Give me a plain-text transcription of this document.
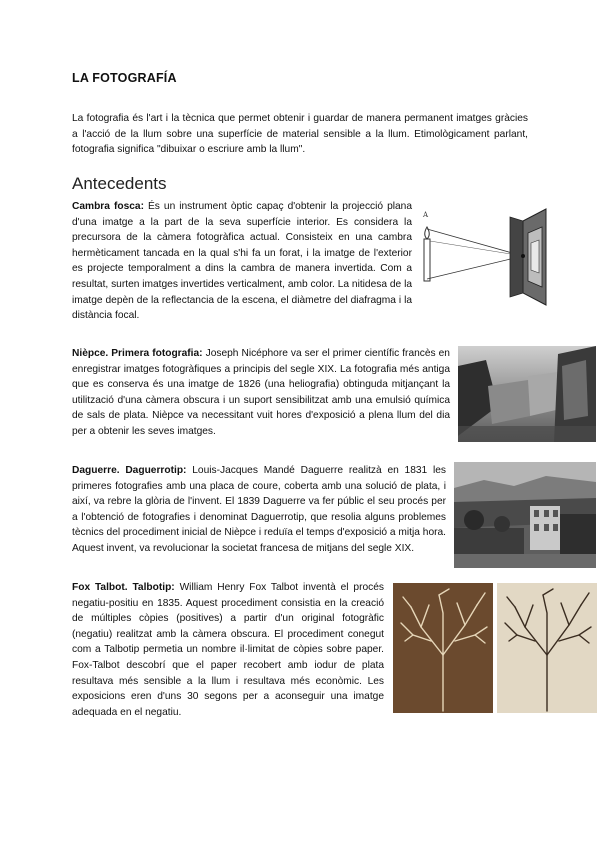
LA FOTOGRAFÍA

La fotografia és l'art i la tècnica que permet obtenir i guardar de manera permanent imatges gràcies a l'acció de la llum sobre una superfície de material sensible a la llum. Etimològicament parlant, fotografia significa "dibuixar o escriure amb la llum".

Antecedents

Cambra fosca: És un instrument òptic capaç d'obtenir la projecció plana d'una imatge a la part de la seva superfície interior. Es considera la precursora de la càmera fotogràfica actual. Consisteix en una cambra hermèticament tancada en la qual s'hi fa un forat, i la imatge de l'exterior es projecte temporalment a dins la cambra de manera invertida. Com a resultat, surten imatges invertides verticalment, amb color. La nitidesa de la imatge depèn de la reflectancia de la escena, el diàmetre del diafragma i la distància focal.

A

Nièpce. Primera fotografia: Joseph Nicéphore va ser el primer científic francès en enregistrar imatges fotogràfiques a principis del segle XIX. La fotografia més antiga que es conserva és una imatge de 1826 (una heliografia) obtinguda mitjançant la utilització d'una càmera obscura i un suport sensibilitzat amb una emulsió química de sals de plata. Nièpce va necessitant vuit hores d'exposició a plena llum del dia per a obtenir les seves imatges.

Daguerre. Daguerrotip: Louis-Jacques Mandé Daguerre realitzà en 1831 les primeres fotografies amb una placa de coure, coberta amb una solució de plata, i així, va rebre la glòria de l'invent. El 1839 Daguerre va fer públic el seu procés per a l'obtenció de fotografies i denominat Daguerrotip, que resolia alguns problemes tècnics del procediment inicial de Nièpce i reduïa el temps d'exposició a mitja hora. Aquest invent, va revolucionar la societat francesa de mitjans del segle XIX.

Fox Talbot. Talbotip: William Henry Fox Talbot inventà el procés negatiu-positiu en 1835. Aquest procediment consistia en la creació de múltiples còpies (positives) a partir d'un original fotogràfic (negatiu) realitzat amb la càmera obscura. El procediment conegut com a Talbotip permetia un nombre il·limitat de còpies sobre paper. Fox-Talbot descobrí que el paper recobert amb iodur de plata resultava més sensible a la llum i resultava més econòmic. Les exposicions eren d'uns 30 segons per a aconseguir una imatge adequada en el negatiu.
